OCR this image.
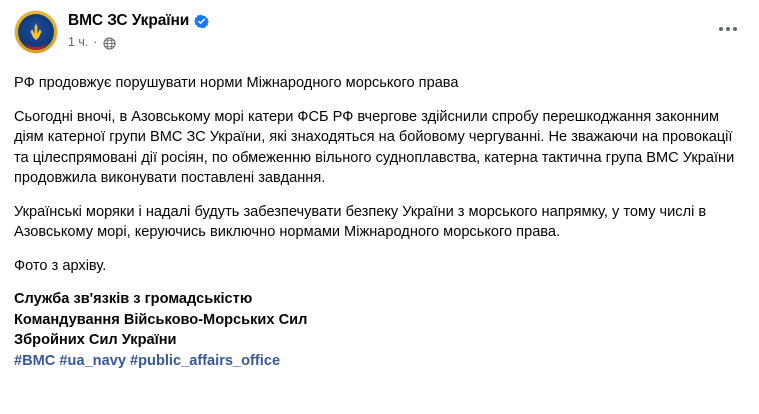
ВМС ЗС України
1 ч. ·

РФ продовжує порушувати норми Міжнародного морського права

Сьогодні вночі, в Азовському морі катери ФСБ РФ вчергове здійснили спробу перешкоджання законним діям катерної групи ВМС ЗС України, які знаходяться на бойовому чергуванні. Не зважаючи на провокації та цілеспрямовані дії росіян, по обмеженню вільного судноплавства, катерна тактична група ВМС України продовжила виконувати поставлені завдання.

Українські моряки і надалі будуть забезпечувати безпеку України з морського напрямку, у тому числі в Азовському морі, керуючись виключно нормами Міжнародного морського права.

Фото з архіву.

Служба зв'язків з громадськістю
Командування Військово-Морських Сил
Збройних Сил України
#ВМС #ua_navy #public_affairs_office
